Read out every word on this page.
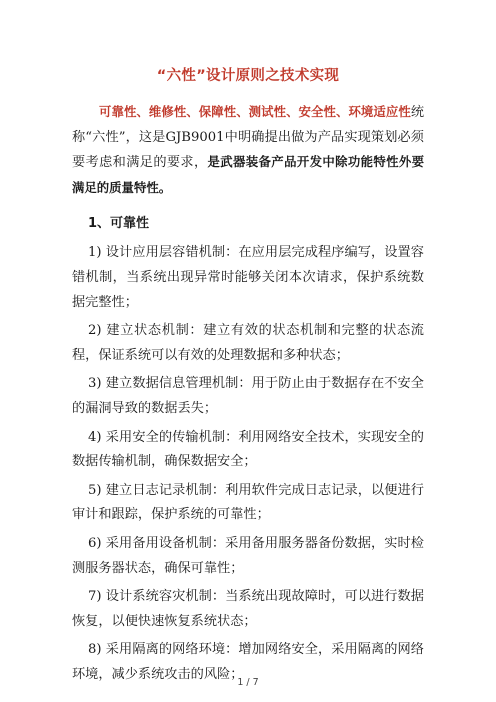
“六性”设计原则之技术实现

可靠性、维修性、保障性、测试性、安全性、环境适应性统称“六性”，这是GJB9001中明确提出做为产品实现策划必须要考虑和满足的要求，是武器装备产品开发中除功能特性外要满足的质量特性。

1、可靠性

1) 设计应用层容错机制：在应用层完成程序编写，设置容错机制，当系统出现异常时能够关闭本次请求，保护系统数据完整性；

2) 建立状态机制：建立有效的状态机制和完整的状态流程，保证系统可以有效的处理数据和多种状态；

3) 建立数据信息管理机制：用于防止由于数据存在不安全的漏洞导致的数据丢失；

4) 采用安全的传输机制：利用网络安全技术，实现安全的数据传输机制，确保数据安全；

5) 建立日志记录机制：利用软件完成日志记录，以便进行审计和跟踪，保护系统的可靠性；

6) 采用备用设备机制：采用备用服务器备份数据，实时检测服务器状态，确保可靠性；

7) 设计系统容灾机制：当系统出现故障时，可以进行数据恢复，以便快速恢复系统状态；

8) 采用隔离的网络环境：增加网络安全，采用隔离的网络环境，减少系统攻击的风险；

1 / 7
